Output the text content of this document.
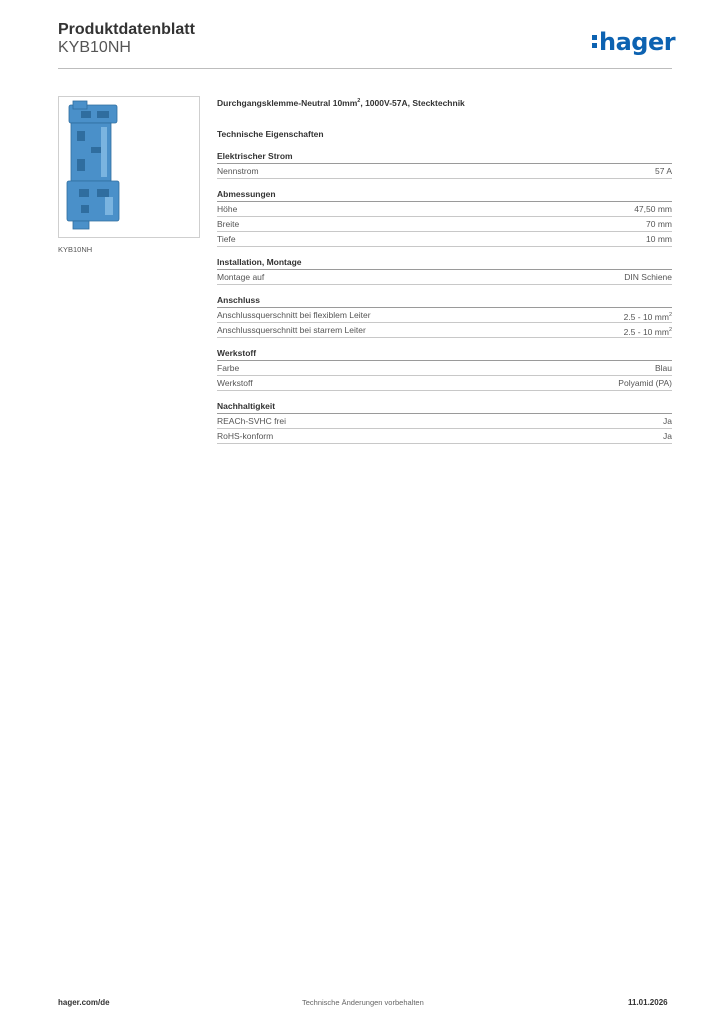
Produktdatenblatt
KYB10NH	hager
KYB10NH
Durchgangsklemme-Neutral $10mm^2$, 1000V-57A, Stecktechnik
Technische Eigenschaften
Elektrischer Strom
Nennstrom	57 A
Abmessungen
Höhe	47,50 mm
Breite	70 mm
Tiefe	10 mm
Installation, Montage
Montage auf	DIN Schiene
Anschluss
Anschlussquerschnitt bei flexiblem Leiter	2.5 - 10 $mm^2$
Anschlussquerschnitt bei starrem Leiter	2.5 - 10 $mm^2$
Werkstoff
Farbe	Blau
Werkstoff	Polyamid (PA)
Nachhaltigkeit
REACh-SVHC frei	Ja
RoHS-konform	Ja
hager.com/de	Technische Änderungen vorbehalten	11.01.2026
